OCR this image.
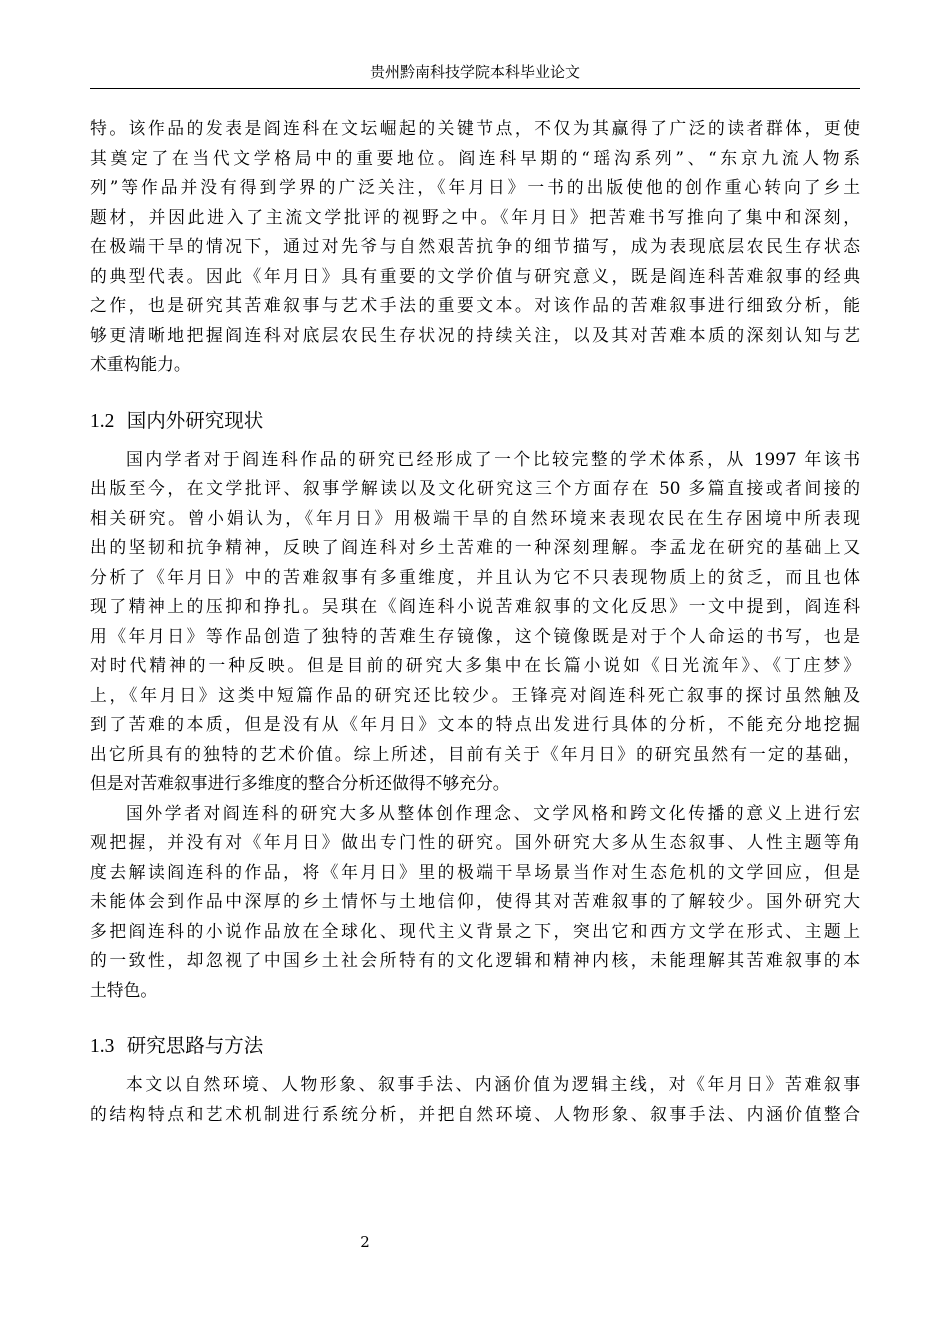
贵州黔南科技学院本科毕业论文
特。该作品的发表是阎连科在文坛崛起的关键节点，不仅为其赢得了广泛的读者群体，更使
其奠定了在当代文学格局中的重要地位。阎连科早期的“瑶沟系列”、“东京九流人物系
列”等作品并没有得到学界的广泛关注，《年月日》一书的出版使他的创作重心转向了乡土
题材，并因此进入了主流文学批评的视野之中。《年月日》把苦难书写推向了集中和深刻，
在极端干旱的情况下，通过对先爷与自然艰苦抗争的细节描写，成为表现底层农民生存状态
的典型代表。因此《年月日》具有重要的文学价值与研究意义，既是阎连科苦难叙事的经典
之作，也是研究其苦难叙事与艺术手法的重要文本。对该作品的苦难叙事进行细致分析，能
够更清晰地把握阎连科对底层农民生存状况的持续关注，以及其对苦难本质的深刻认知与艺
术重构能力。
1.2 国内外研究现状
国内学者对于阎连科作品的研究已经形成了一个比较完整的学术体系，从 1997 年该书
出版至今，在文学批评、叙事学解读以及文化研究这三个方面存在 50 多篇直接或者间接的
相关研究。曾小娟认为，《年月日》用极端干旱的自然环境来表现农民在生存困境中所表现
出的坚韧和抗争精神，反映了阎连科对乡土苦难的一种深刻理解。李孟龙在研究的基础上又
分析了《年月日》中的苦难叙事有多重维度，并且认为它不只表现物质上的贫乏，而且也体
现了精神上的压抑和挣扎。吴琪在《阎连科小说苦难叙事的文化反思》一文中提到，阎连科
用《年月日》等作品创造了独特的苦难生存镜像，这个镜像既是对于个人命运的书写，也是
对时代精神的一种反映。但是目前的研究大多集中在长篇小说如《日光流年》、《丁庄梦》
上，《年月日》这类中短篇作品的研究还比较少。王锋亮对阎连科死亡叙事的探讨虽然触及
到了苦难的本质，但是没有从《年月日》文本的特点出发进行具体的分析，不能充分地挖掘
出它所具有的独特的艺术价值。综上所述，目前有关于《年月日》的研究虽然有一定的基础，
但是对苦难叙事进行多维度的整合分析还做得不够充分。
国外学者对阎连科的研究大多从整体创作理念、文学风格和跨文化传播的意义上进行宏
观把握，并没有对《年月日》做出专门性的研究。国外研究大多从生态叙事、人性主题等角
度去解读阎连科的作品，将《年月日》里的极端干旱场景当作对生态危机的文学回应，但是
未能体会到作品中深厚的乡土情怀与土地信仰，使得其对苦难叙事的了解较少。国外研究大
多把阎连科的小说作品放在全球化、现代主义背景之下，突出它和西方文学在形式、主题上
的一致性，却忽视了中国乡土社会所特有的文化逻辑和精神内核，未能理解其苦难叙事的本
土特色。
1.3 研究思路与方法
本文以自然环境、人物形象、叙事手法、内涵价值为逻辑主线，对《年月日》苦难叙事
的结构特点和艺术机制进行系统分析，并把自然环境、人物形象、叙事手法、内涵价值整合
2
